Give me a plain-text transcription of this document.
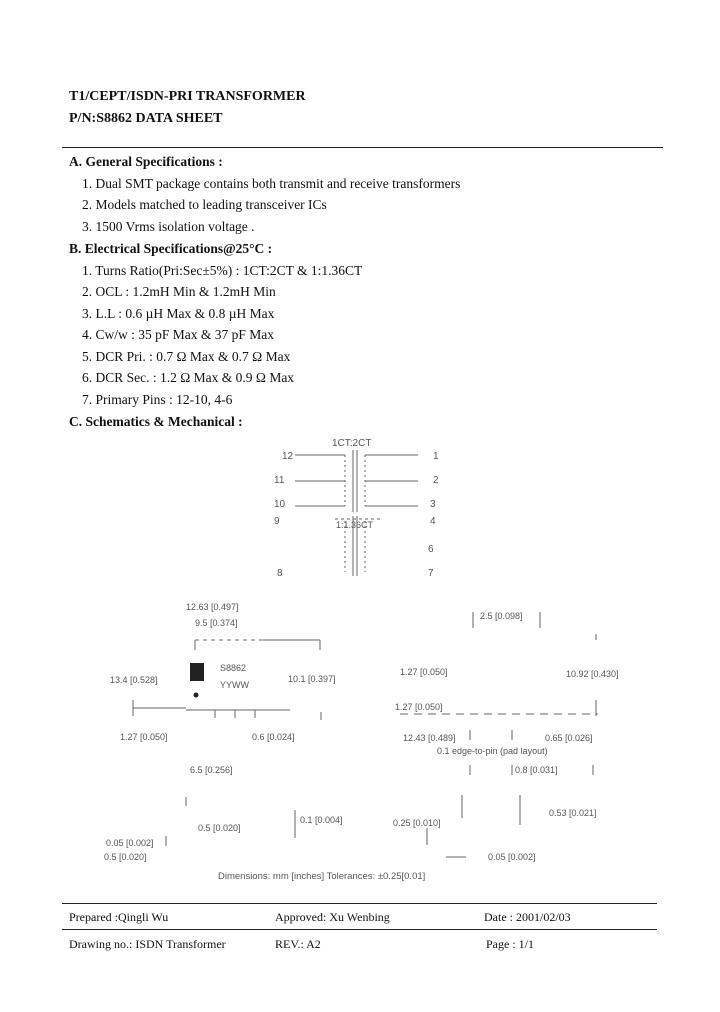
T1/CEPT/ISDN-PRI TRANSFORMER
P/N:S8862 DATA SHEET
A. General Specifications :
1. Dual SMT package contains both transmit and receive transformers
2. Models matched to leading transceiver ICs
3. 1500 Vrms isolation voltage .
B. Electrical Specifications@25°C :
1. Turns Ratio(Pri:Sec±5%) : 1CT:2CT & 1:1.36CT
2. OCL : 1.2mH Min & 1.2mH Min
3. L.L : 0.6 µH Max & 0.8 µH Max
4. Cw/w : 35 pF Max & 37 pF Max
5. DCR Pri. : 0.7 Ω Max & 0.7 Ω Max
6. DCR Sec. : 1.2 Ω Max & 0.9 Ω Max
7. Primary Pins : 12-10, 4-6
C. Schematics & Mechanical :
1CT:2CT
1
2
3
4
6
7
8
9
10
11
12
1:1.36CT
12.63 [0.497]
9.5 [0.374]
13.4 [0.528]	10.1 [0.397]
S8862
YYWW
1.27 [0.050]	0.6 [0.024]
6.5 [0.256]
2.5 [0.098]
1.27 [0.050]	10.92 [0.430]
1.27 [0.050]
12.43 [0.489]	0.65 [0.026]
0.1 edge-to-pin (pad layout)
0.8 [0.031]
0.5 [0.020]
0.1 [0.004]	0.25 [0.010]
0.53 [0.021]
0.05 [0.002]
0.5 [0.020]	0.05 [0.002]
Dimensions: mm [inches] Tolerances: ±0.25[0.01]
Prepared :Qingli Wu	Approved: Xu Wenbing	Date : 2001/02/03
Drawing no.: ISDN Transformer	REV.: A2	Page : 1/1
